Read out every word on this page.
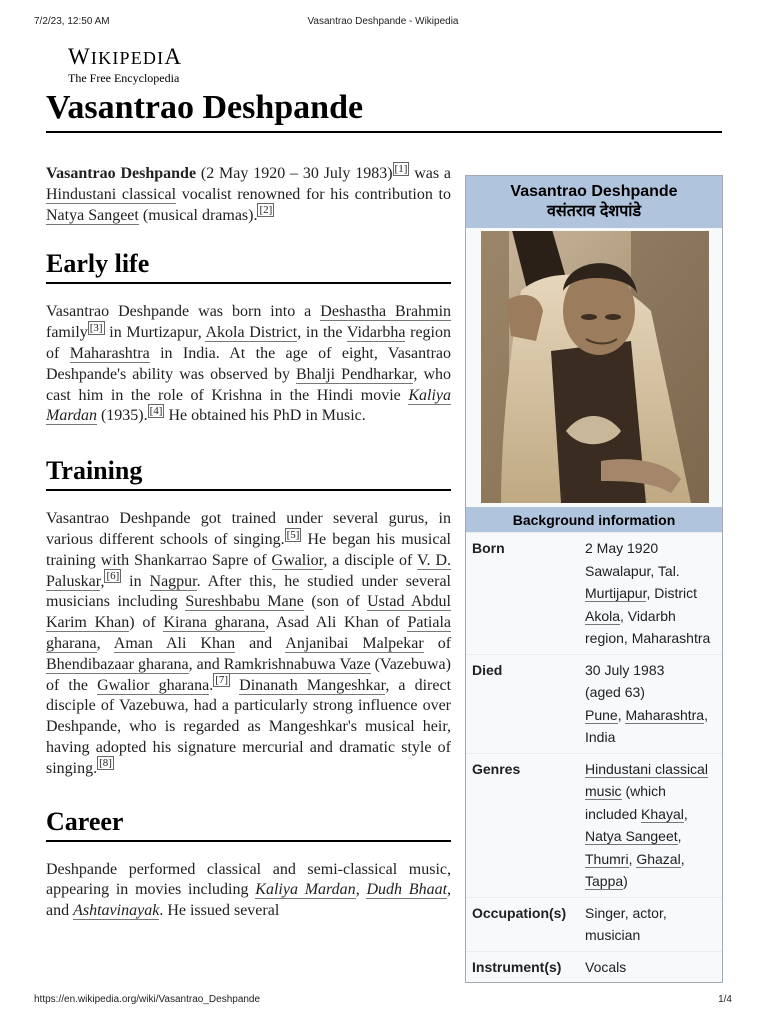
7/2/23, 12:50 AM	Vasantrao Deshpande - Wikipedia
WIKIPEDIA
The Free Encyclopedia
Vasantrao Deshpande

Vasantrao Deshpande (2 May 1920 – 30 July 1983) [1] was a Hindustani classical vocalist renowned for his contribution to Natya Sangeet (musical dramas). [2]

Early life

Vasantrao Deshpande was born into a Deshastha Brahmin family [3] in Murtizapur, Akola District, in the Vidarbha region of Maharashtra in India. At the age of eight, Vasantrao Deshpande's ability was observed by Bhalji Pendharkar, who cast him in the role of Krishna in the Hindi movie Kaliya Mardan (1935). [4] He obtained his PhD in Music.

Training

Vasantrao Deshpande got trained under several gurus, in various different schools of singing. [5] He began his musical training with Shankarrao Sapre of Gwalior, a disciple of V. D. Paluskar, [6] in Nagpur. After this, he studied under several musicians including Sureshbabu Mane (son of Ustad Abdul Karim Khan) of Kirana gharana, Asad Ali Khan of Patiala gharana, Aman Ali Khan and Anjanibai Malpekar of Bhendibazaar gharana, and Ramkrishnabuwa Vaze (Vazebuwa) of the Gwalior gharana. [7] Dinanath Mangeshkar, a direct disciple of Vazebuwa, had a particularly strong influence over Deshpande, who is regarded as Mangeshkar's musical heir, having adopted his signature mercurial and dramatic style of singing. [8]

Career

Deshpande performed classical and semi-classical music, appearing in movies including Kaliya Mardan, Dudh Bhaat, and Ashtavinayak. He issued several

Vasantrao Deshpande
वसंतराव देशपांडे
Background information
Born	2 May 1920
Sawalapur, Tal.
Murtijapur, District
Akola, Vidarbh region, Maharashtra
Died	30 July 1983
(aged 63)
Pune, Maharashtra, India
Genres	Hindustani classical music (which included Khayal, Natya Sangeet, Thumri, Ghazal, Tappa)
Occupation(s)	Singer, actor, musician
Instrument(s)	Vocals
https://en.wikipedia.org/wiki/Vasantrao_Deshpande	1/4
